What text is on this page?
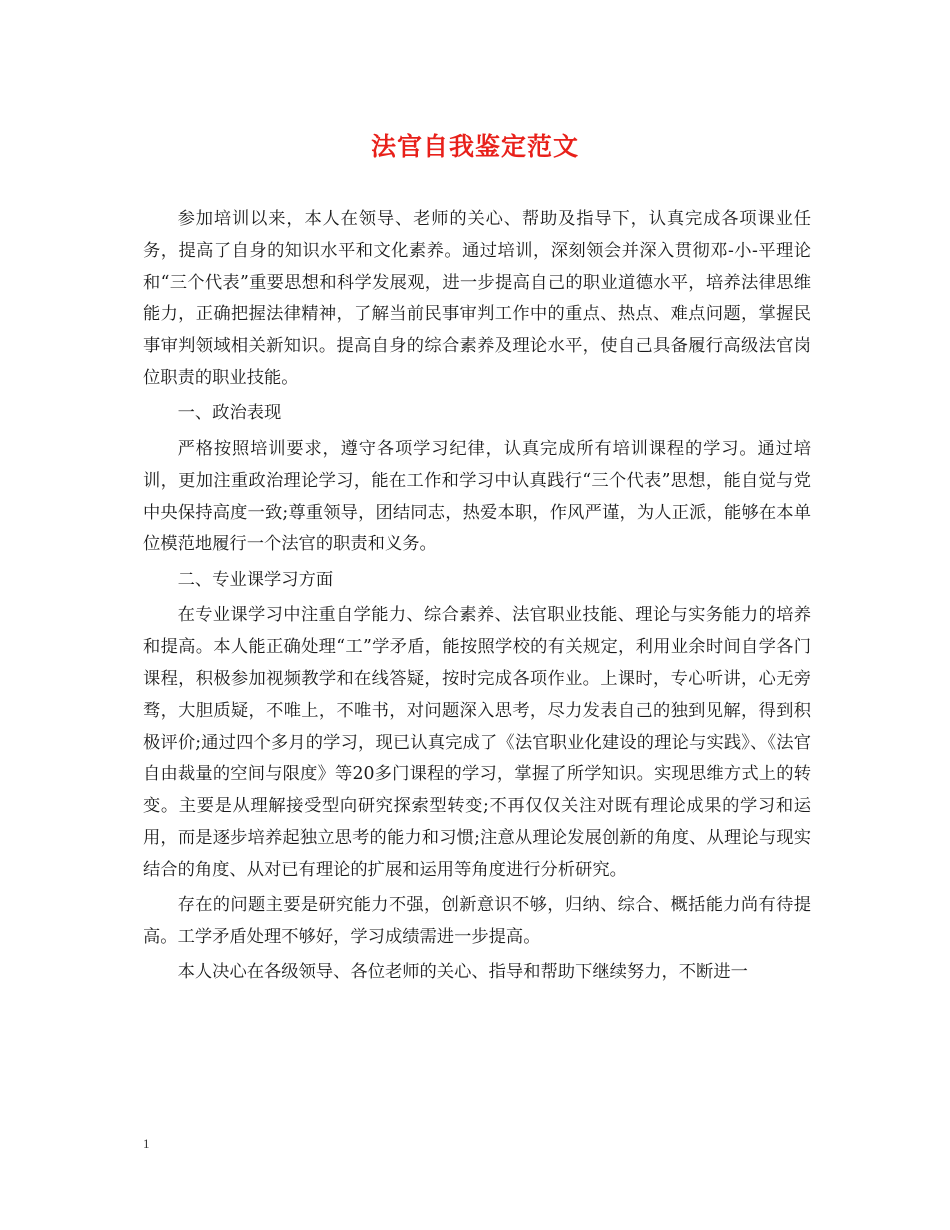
法官自我鉴定范文

参加培训以来，本人在领导、老师的关心、帮助及指导下，认真完成各项课业任务，提高了自身的知识水平和文化素养。通过培训，深刻领会并深入贯彻邓-小-平理论和“三个代表”重要思想和科学发展观，进一步提高自己的职业道德水平，培养法律思维能力，正确把握法律精神，了解当前民事审判工作中的重点、热点、难点问题，掌握民事审判领域相关新知识。提高自身的综合素养及理论水平，使自己具备履行高级法官岗位职责的职业技能。

一、政治表现

严格按照培训要求，遵守各项学习纪律，认真完成所有培训课程的学习。通过培训，更加注重政治理论学习，能在工作和学习中认真践行“三个代表”思想，能自觉与党中央保持高度一致;尊重领导，团结同志，热爱本职，作风严谨，为人正派，能够在本单位模范地履行一个法官的职责和义务。

二、专业课学习方面

在专业课学习中注重自学能力、综合素养、法官职业技能、理论与实务能力的培养和提高。本人能正确处理“工”学矛盾，能按照学校的有关规定，利用业余时间自学各门课程，积极参加视频教学和在线答疑，按时完成各项作业。上课时，专心听讲，心无旁骛，大胆质疑，不唯上，不唯书，对问题深入思考，尽力发表自己的独到见解，得到积极评价;通过四个多月的学习，现已认真完成了《法官职业化建设的理论与实践》、《法官自由裁量的空间与限度》等20多门课程的学习，掌握了所学知识。实现思维方式上的转变。主要是从理解接受型向研究探索型转变;不再仅仅关注对既有理论成果的学习和运用，而是逐步培养起独立思考的能力和习惯;注意从理论发展创新的角度、从理论与现实结合的角度、从对已有理论的扩展和运用等角度进行分析研究。

存在的问题主要是研究能力不强，创新意识不够，归纳、综合、概括能力尚有待提高。工学矛盾处理不够好，学习成绩需进一步提高。

本人决心在各级领导、各位老师的关心、指导和帮助下继续努力，不断进一

1
